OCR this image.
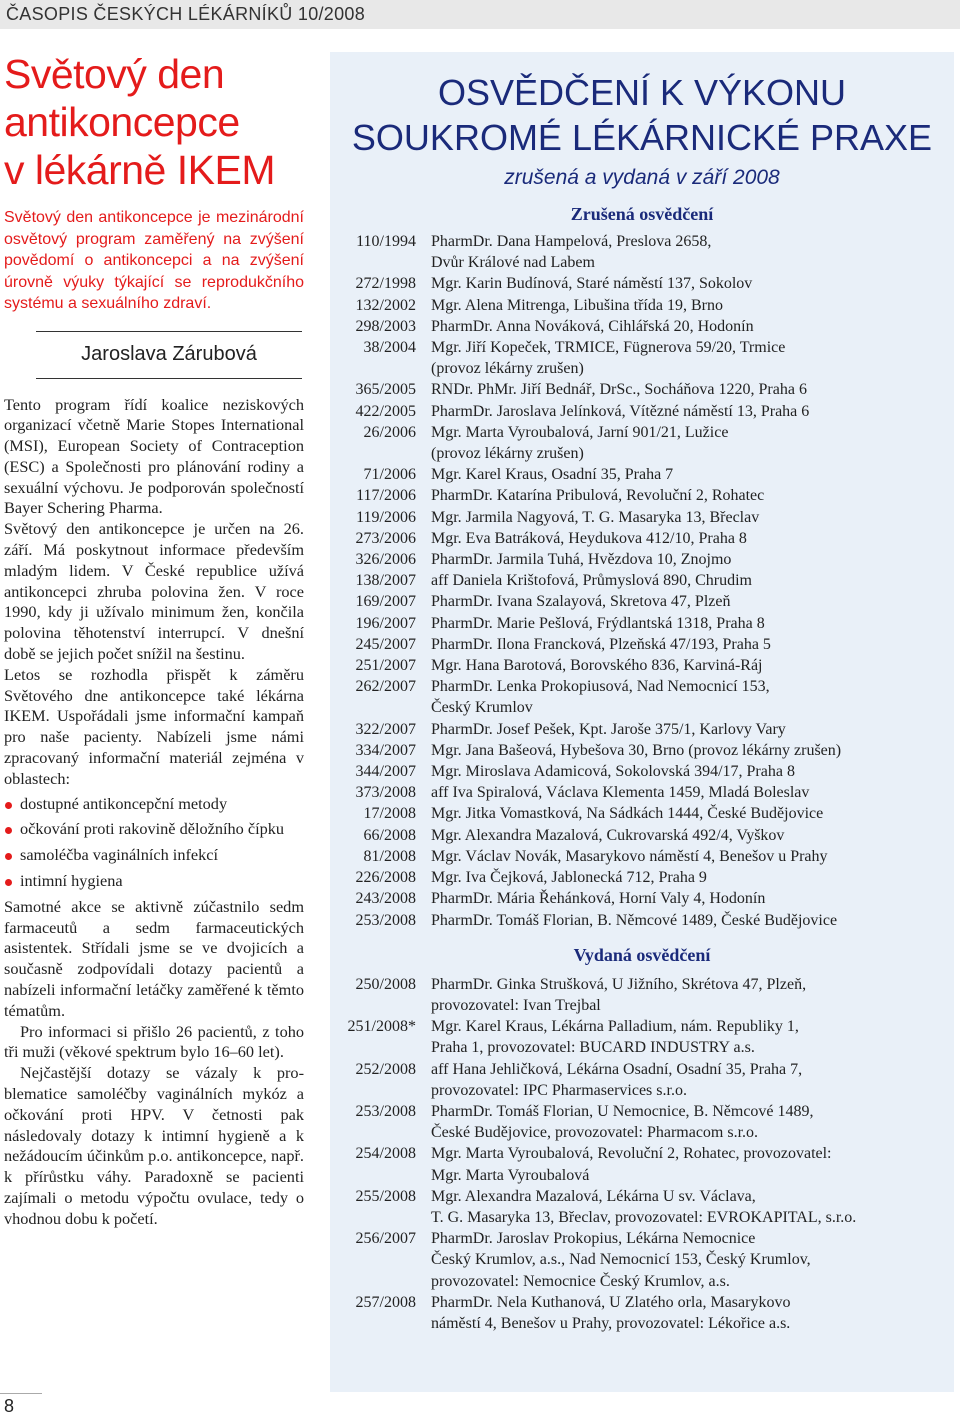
ČASOPIS ČESKÝCH LÉKÁRNÍKŮ 10/2008
Světový den
antikoncepce
v lékárně IKEM

Světový den antikoncepce je mezinárodní osvětový program zaměřený na zvýšení povědomí o antikoncepci a na zvýšení úrovně výuky týkající se reprodukčního systému a sexuálního zdraví.

Jaroslava Zárubová

Tento program řídí koalice neziskových organizací včetně Marie Stopes International (MSI), European Society of Contraception (ESC) a Společnosti pro plánování rodiny a sexuální výchovu. Je podporován společností Bayer Schering Pharma.

Světový den antikoncepce je určen na 26. září. Má poskytnout informace především mladým lidem. V České republice užívá antikoncepci zhruba polovina žen. V roce 1990, kdy ji užívalo minimum žen, končila polovina těhotenství interrupcí. V dnešní době se jejich počet snížil na šestinu.

Letos se rozhodla přispět k záměru Světového dne antikoncepce také lékárna IKEM. Uspořádali jsme informační kampaň pro naše pacienty. Nabízeli jsme námi zpracovaný informační materiál zejména v oblastech:

dostupné antikoncepční metody
očkování proti rakovině děložního čípku
samoléčba vaginálních infekcí
intimní hygiena

Samotné akce se aktivně zúčastnilo sedm farmaceutů a sedm farmaceutických asistentek. Střídali jsme se ve dvojicích a současně zodpovídali dotazy pacientů a nabízeli informační letáčky zaměřené k těmto tématům.

Pro informaci si přišlo 26 pacientů, z toho tři muži (věkové spektrum bylo 16–60 let).

Nejčastější dotazy se vázaly k problematice samoléčby vaginálních mykóz a očkování proti HPV. V četnosti pak následovaly dotazy k intimní hygieně a k nežádoucím účinkům p.o. antikoncepce, např. k přírůstku váhy. Paradoxně se pacienti zajímali o metodu výpočtu ovulace, tedy o vhodnou dobu k početí.

8
OSVĚDČENÍ K VÝKONU
SOUKROMÉ LÉKÁRNICKÉ PRAXE
zrušená a vydaná v září 2008
Zrušená osvědčení
110/1994 PharmDr. Dana Hampelová, Preslova 2658,
Dvůr Králové nad Labem
272/1998 Mgr. Karin Budínová, Staré náměstí 137, Sokolov
132/2002 Mgr. Alena Mitrenga, Libušina třída 19, Brno
298/2003 PharmDr. Anna Nováková, Cihlářská 20, Hodonín
38/2004 Mgr. Jiří Kopeček, TRMICE, Fügnerova 59/20, Trmice
(provoz lékárny zrušen)
365/2005 RNDr. PhMr. Jiří Bednář, DrSc., Socháňova 1220, Praha 6
422/2005 PharmDr. Jaroslava Jelínková, Vítězné náměstí 13, Praha 6
26/2006 Mgr. Marta Vyroubalová, Jarní 901/21, Lužice
(provoz lékárny zrušen)
71/2006 Mgr. Karel Kraus, Osadní 35, Praha 7
117/2006 PharmDr. Katarína Pribulová, Revoluční 2, Rohatec
119/2006 Mgr. Jarmila Nagyová, T. G. Masaryka 13, Břeclav
273/2006 Mgr. Eva Batráková, Heydukova 412/10, Praha 8
326/2006 PharmDr. Jarmila Tuhá, Hvězdova 10, Znojmo
138/2007 aff Daniela Krištofová, Průmyslová 890, Chrudim
169/2007 PharmDr. Ivana Szalayová, Skretova 47, Plzeň
196/2007 PharmDr. Marie Pešlová, Frýdlantská 1318, Praha 8
245/2007 PharmDr. Ilona Francková, Plzeňská 47/193, Praha 5
251/2007 Mgr. Hana Barotová, Borovského 836, Karviná-Ráj
262/2007 PharmDr. Lenka Prokopiusová, Nad Nemocnicí 153,
Český Krumlov
322/2007 PharmDr. Josef Pešek, Kpt. Jaroše 375/1, Karlovy Vary
334/2007 Mgr. Jana Bašeová, Hybešova 30, Brno (provoz lékárny zrušen)
344/2007 Mgr. Miroslava Adamicová, Sokolovská 394/17, Praha 8
373/2008 aff Iva Spiralová, Václava Klementa 1459, Mladá Boleslav
17/2008 Mgr. Jitka Vomastková, Na Sádkách 1444, České Budějovice
66/2008 Mgr. Alexandra Mazalová, Cukrovarská 492/4, Vyškov
81/2008 Mgr. Václav Novák, Masarykovo náměstí 4, Benešov u Prahy
226/2008 Mgr. Iva Čejková, Jablonecká 712, Praha 9
243/2008 PharmDr. Mária Řehánková, Horní Valy 4, Hodonín
253/2008 PharmDr. Tomáš Florian, B. Němcové 1489, České Budějovice
Vydaná osvědčení
250/2008 PharmDr. Ginka Strušková, U Jižního, Skrétova 47, Plzeň,
provozovatel: Ivan Trejbal
251/2008* Mgr. Karel Kraus, Lékárna Palladium, nám. Republiky 1,
Praha 1, provozovatel: BUCARD INDUSTRY a.s.
252/2008 aff Hana Jehličková, Lékárna Osadní, Osadní 35, Praha 7,
provozovatel: IPC Pharmaservices s.r.o.
253/2008 PharmDr. Tomáš Florian, U Nemocnice, B. Němcové 1489,
České Budějovice, provozovatel: Pharmacom s.r.o.
254/2008 Mgr. Marta Vyroubalová, Revoluční 2, Rohatec, provozovatel:
Mgr. Marta Vyroubalová
255/2008 Mgr. Alexandra Mazalová, Lékárna U sv. Václava,
T. G. Masaryka 13, Břeclav, provozovatel: EVROKAPITAL, s.r.o.
256/2007 PharmDr. Jaroslav Prokopius, Lékárna Nemocnice
Český Krumlov, a.s., Nad Nemocnicí 153, Český Krumlov,
provozovatel: Nemocnice Český Krumlov, a.s.
257/2008 PharmDr. Nela Kuthanová, U Zlatého orla, Masarykovo
náměstí 4, Benešov u Prahy, provozovatel: Lékořice a.s.
